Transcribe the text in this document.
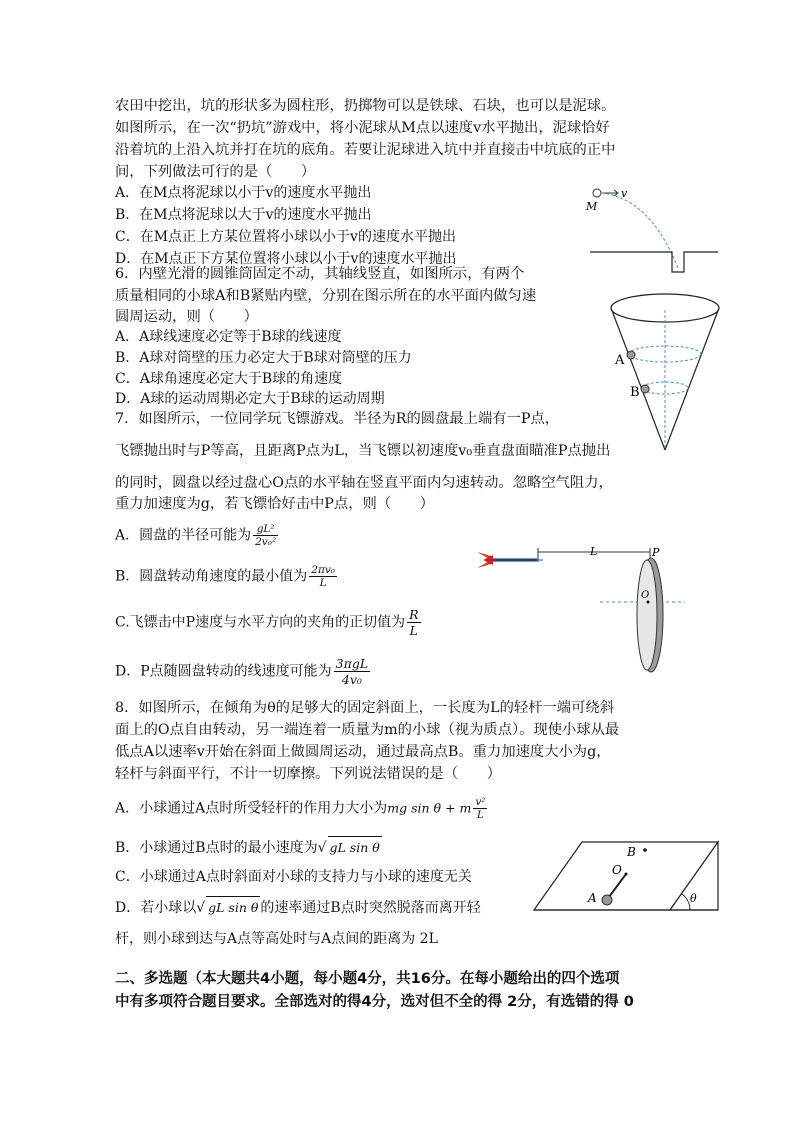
农田中挖出，坑的形状多为圆柱形，扔掷物可以是铁球、石块，也可以是泥球。
如图所示，在一次“扔坑”游戏中，将小泥球从M点以速度v水平抛出，泥球恰好
沿着坑的上沿入坑并打在坑的底角。若要让泥球进入坑中并直接击中坑底的正中
间，下列做法可行的是（　　）
A．在M点将泥球以小于v的速度水平抛出
B．在M点将泥球以大于v的速度水平抛出
C．在M点正上方某位置将小球以小于v的速度水平抛出
D．在M点正下方某位置将小球以小于v的速度水平抛出
v
M
6．内壁光滑的圆锥筒固定不动，其轴线竖直，如图所示，有两个
质量相同的小球A和B紧贴内壁，分别在图示所在的水平面内做匀速
圆周运动，则（　　）
A．A球线速度必定等于B球的线速度
B．A球对筒壁的压力必定大于B球对筒壁的压力
C．A球角速度必定大于B球的角速度
D．A球的运动周期必定大于B球的运动周期
A
B
7．如图所示，一位同学玩飞镖游戏。半径为R的圆盘最上端有一P点，
飞镖抛出时与P等高，且距离P点为L，当飞镖以初速度v₀垂直盘面瞄准P点抛出
的同时，圆盘以经过盘心O点的水平轴在竖直平面内匀速转动。忽略空气阻力，
重力加速度为g，若飞镖恰好击中P点，则（　　）
A．圆盘的半径可能为 $\frac{\text{gL²}}{\text{2v₀²}}$
B．圆盘转动角速度的最小值为 $\frac{\text{2πv₀}}{L}$
C.飞镖击中P速度与水平方向的夹角的正切值为 $\frac{R}{L}$
D．P点随圆盘转动的线速度可能为 $\frac{\text{3πgL}}{\text{4v₀}}$
L	P
O
8．如图所示，在倾角为θ的足够大的固定斜面上，一长度为L的轻杆一端可绕斜
面上的O点自由转动，另一端连着一质量为m的小球（视为质点）。现使小球从最
低点A以速率v开始在斜面上做圆周运动，通过最高点B。重力加速度大小为g，
轻杆与斜面平行，不计一切摩擦。下列说法错误的是（　　）
A．小球通过A点时所受轻杆的作用力大小为mg sin θ + m $\frac{\text{v²}}{L}$
B．小球通过B点时的最小速度为√ gL sin θ
C．小球通过A点时斜面对小球的支持力与小球的速度无关
D．若小球以√ gL sin θ 的速率通过B点时突然脱落而离开轻
杆，则小球到达与A点等高处时与A点间的距离为 2L
θ
B
O
A
二、多选题（本大题共4小题，每小题4分，共16分。在每小题给出的四个选项
中有多项符合题目要求。全部选对的得4分，选对但不全的得 2分，有选错的得 0
